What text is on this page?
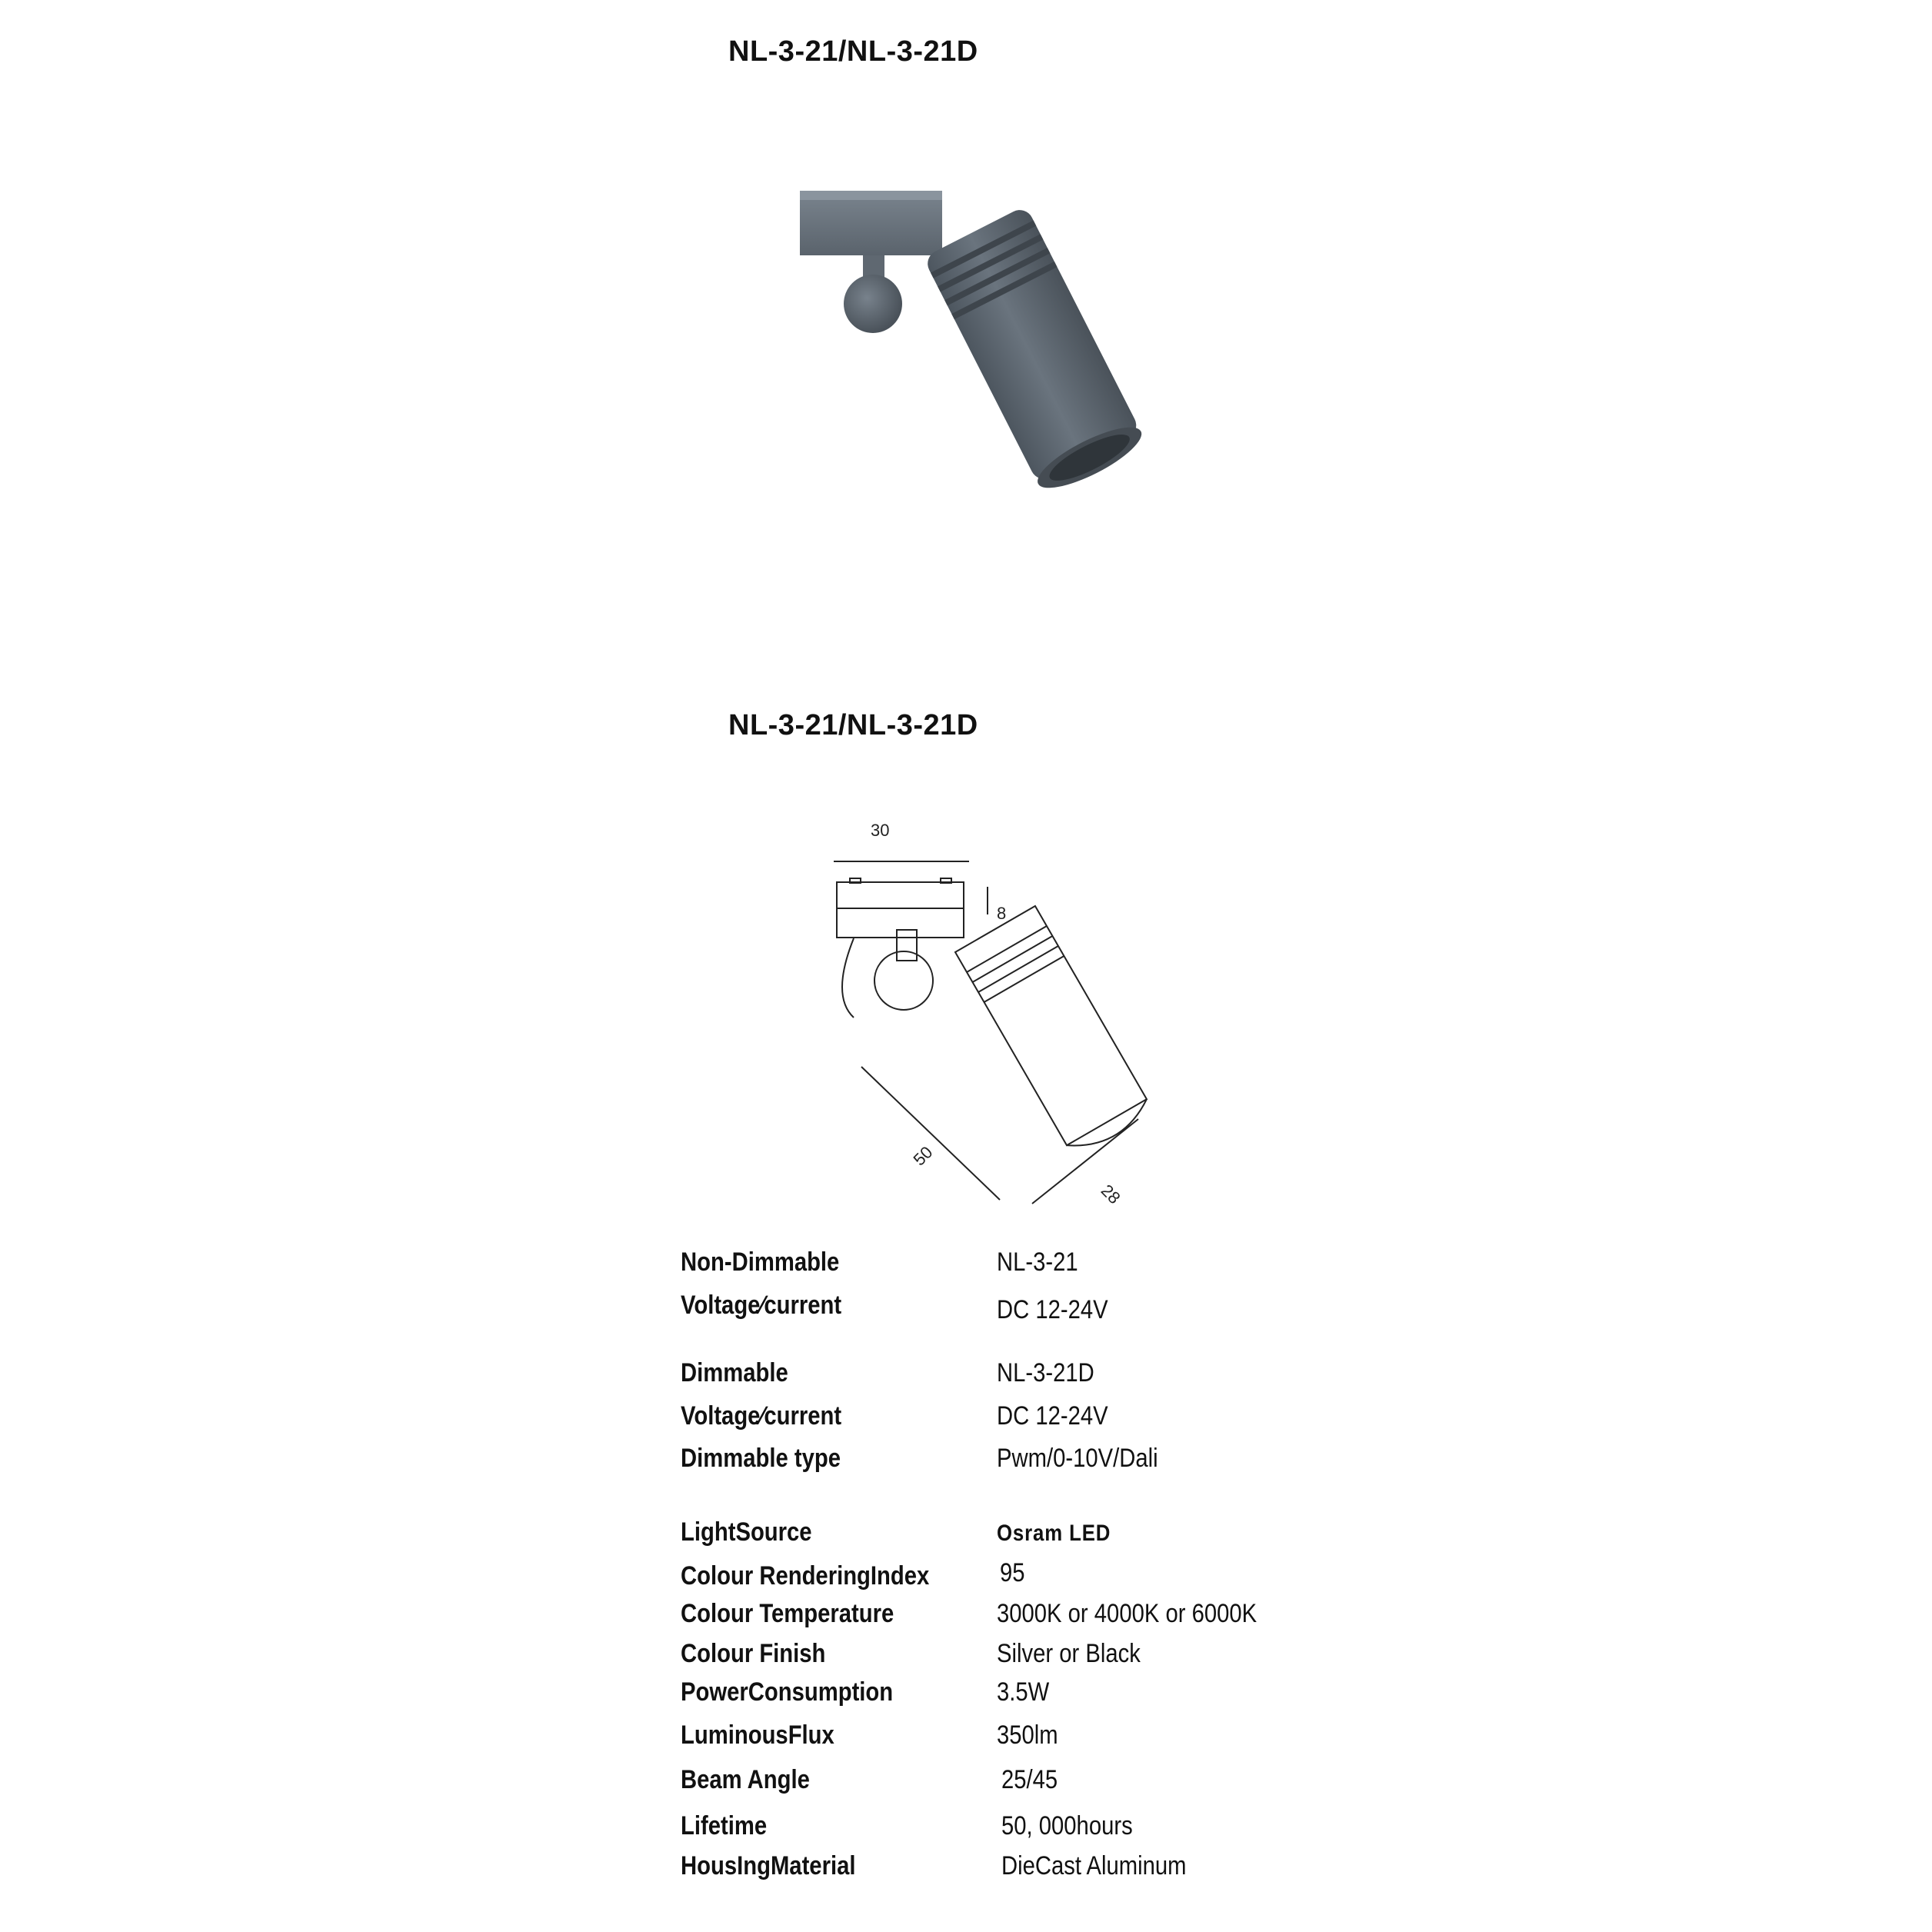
NL-3-21/NL-3-21D
NL-3-21/NL-3-21D
30
8
50
28
Non-Dimmable	NL-3-21
Voltage∕current	DC 12-24V
Dimmable	NL-3-21D
Voltage∕current	DC 12-24V
Dimmable type	Pwm/0-10V/Dali
LightSource	Osram LED
Colour RenderingIndex	95
Colour Temperature	3000K or 4000K or 6000K
Colour Finish	Silver or Black
PowerConsumption	3.5W
LuminousFlux	350lm
Beam Angle	25/45
Lifetime	50, 000hours
HousIngMaterial	DieCast Aluminum
